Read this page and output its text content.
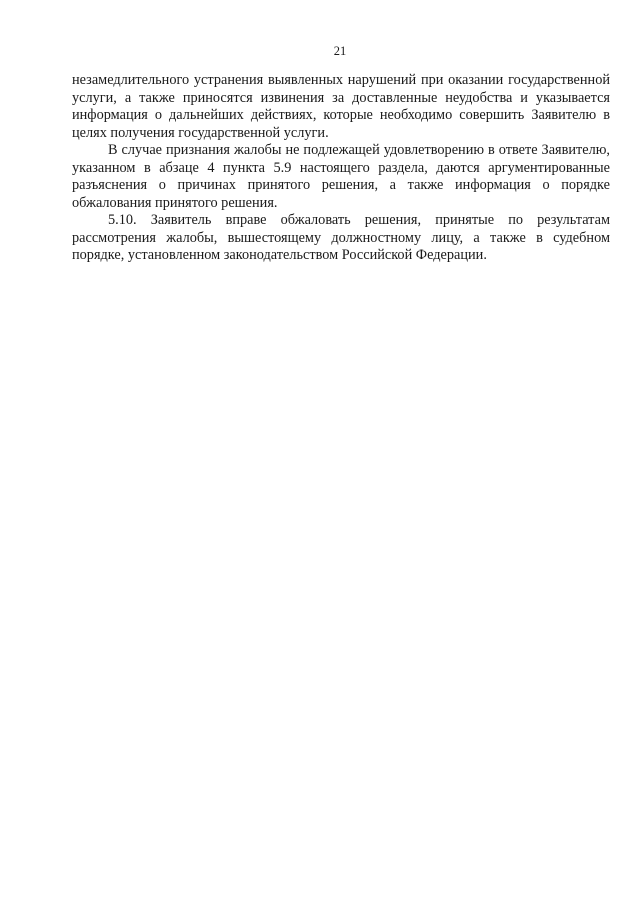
21

незамедлительного устранения выявленных нарушений при оказании государственной услуги, а также приносятся извинения за доставленные неудобства и указывается информация о дальнейших действиях, которые необходимо совершить Заявителю в целях получения государственной услуги.

В случае признания жалобы не подлежащей удовлетворению в ответе Заявителю, указанном в абзаце 4 пункта 5.9 настоящего раздела, даются аргументированные разъяснения о причинах принятого решения, а также информация о порядке обжалования принятого решения.

5.10. Заявитель вправе обжаловать решения, принятые по результатам рассмотрения жалобы, вышестоящему должностному лицу, а также в судебном порядке, установленном законодательством Российской Федерации.
